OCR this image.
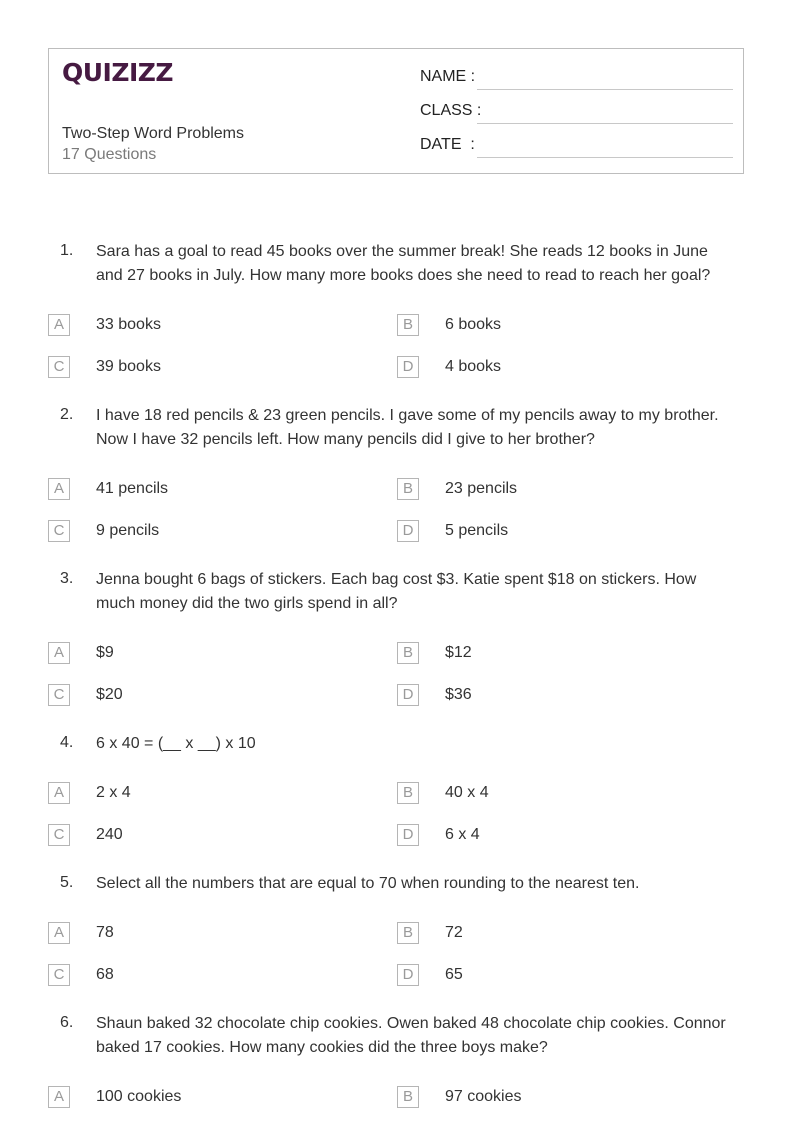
QUIZIZZ
Two-Step Word Problems
17 Questions
NAME :
CLASS :
DATE  :
1. Sara has a goal to read 45 books over the summer break! She reads 12 books in June
and 27 books in July. How many more books does she need to read to reach her goal?
A	33 books	B	6 books
C	39 books	D	4 books
2. I have 18 red pencils & 23 green pencils. I gave some of my pencils away to my brother.
Now I have 32 pencils left. How many pencils did I give to her brother?
A	41 pencils	B	23 pencils
C	9 pencils	D	5 pencils
3. Jenna bought 6 bags of stickers. Each bag cost $3. Katie spent $18 on stickers. How
much money did the two girls spend in all?
A	$9	B	$12
C	$20	D	$36
4. 6 x 40 = (__ x __) x 10
A	2 x 4	B	40 x 4
C	240	D	6 x 4
5. Select all the numbers that are equal to 70 when rounding to the nearest ten.
A	78	B	72
C	68	D	65
6. Shaun baked 32 chocolate chip cookies. Owen baked 48 chocolate chip cookies. Connor
baked 17 cookies. How many cookies did the three boys make?
A	100 cookies	B	97 cookies
